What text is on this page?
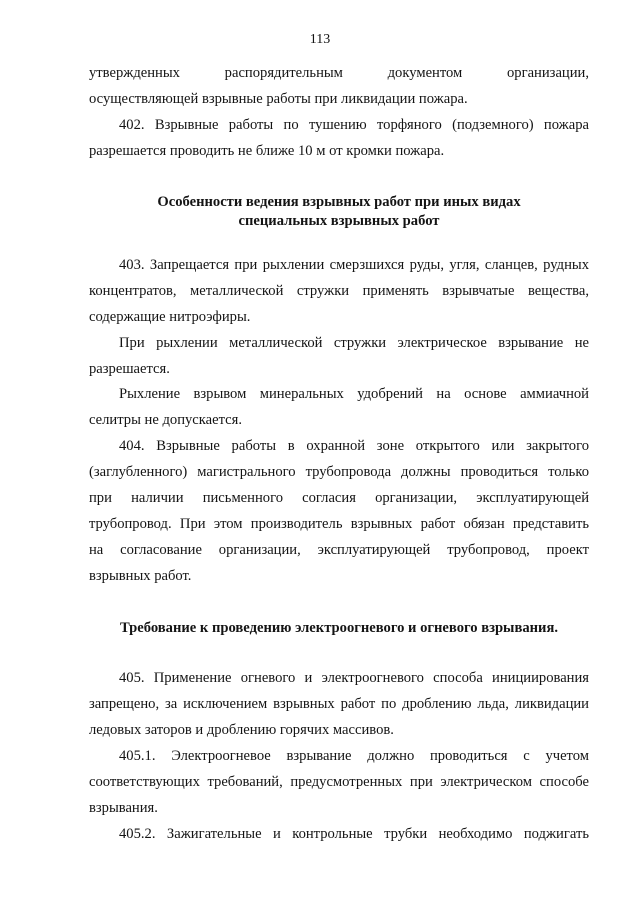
113
утвержденных распорядительным документом организации,
осуществляющей взрывные работы при ликвидации пожара.
402. Взрывные работы по тушению торфяного (подземного) пожара
разрешается проводить не ближе 10 м от кромки пожара.
Особенности ведения взрывных работ при иных видах
специальных взрывных работ
403. Запрещается при рыхлении смерзшихся руды, угля, сланцев, рудных
концентратов, металлической стружки применять взрывчатые вещества,
содержащие нитроэфиры.
При рыхлении металлической стружки электрическое взрывание не
разрешается.
Рыхление взрывом минеральных удобрений на основе аммиачной
селитры не допускается.
404. Взрывные работы в охранной зоне открытого или закрытого
(заглубленного) магистрального трубопровода должны проводиться только
при наличии письменного согласия организации, эксплуатирующей
трубопровод. При этом производитель взрывных работ обязан представить
на согласование организации, эксплуатирующей трубопровод, проект
взрывных работ.
Требование к проведению электроогневого и огневого взрывания.
405. Применение огневого и электроогневого способа инициирования
запрещено, за исключением взрывных работ по дроблению льда, ликвидации
ледовых заторов и дроблению горячих массивов.
405.1. Электроогневое взрывание должно проводиться с учетом
соответствующих требований, предусмотренных при электрическом способе
взрывания.
405.2. Зажигательные и контрольные трубки необходимо поджигать
